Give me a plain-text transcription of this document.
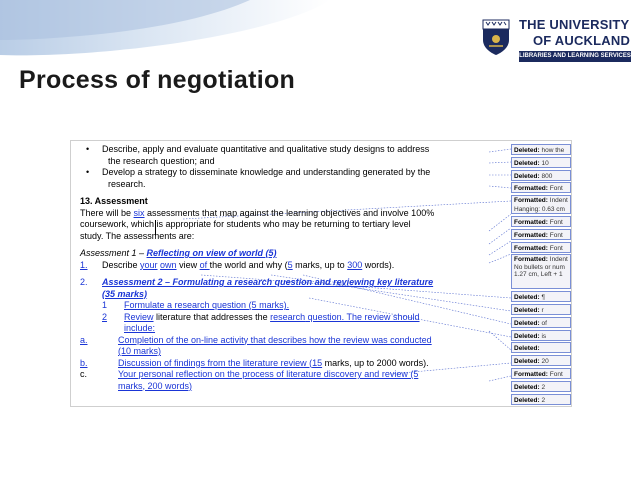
THE UNIVERSITY
OF AUCKLAND
LIBRARIES AND LEARNING SERVICES
Process of negotiation
• Describe, apply and evaluate quantitative and qualitative study designs to address
the research question; and
• Develop a strategy to disseminate knowledge and understanding generated by the
research.
13. Assessment
There will be six assessments that map against the learning objectives and involve 100%
coursework, which is appropriate for students who may be returning to tertiary level
study. The assessments are:
Assessment 1 – Reflecting on view of world (5)
1. Describe your own view of the world and why (5 marks, up to 300 words).
2. Assessment 2 – Formulating a research question and reviewing key literature
(35 marks)
1 Formulate a research question (5 marks).
2 Review literature that addresses the research question. The review should
include:
a.	Completion of the on-line activity that describes how the review was conducted
(10 marks)
b.	Discussion of findings from the literature review (15 marks, up to 2000 words).
c.	Your personal reflection on the process of literature discovery and review (5
marks, 200 words)
Deleted: how the
Deleted: 10
Deleted: 800
Formatted: Font
Formatted: Indent Hanging: 0.63 cm
Formatted: Font
Formatted: Font
Formatted: Font
Formatted: Indent No bullets or num 1.27 cm, Left + 1
Deleted: ¶
Deleted: r
Deleted: of
Deleted: is
Deleted:
Deleted: 20
Formatted: Font
Deleted: 2
Deleted: 2
